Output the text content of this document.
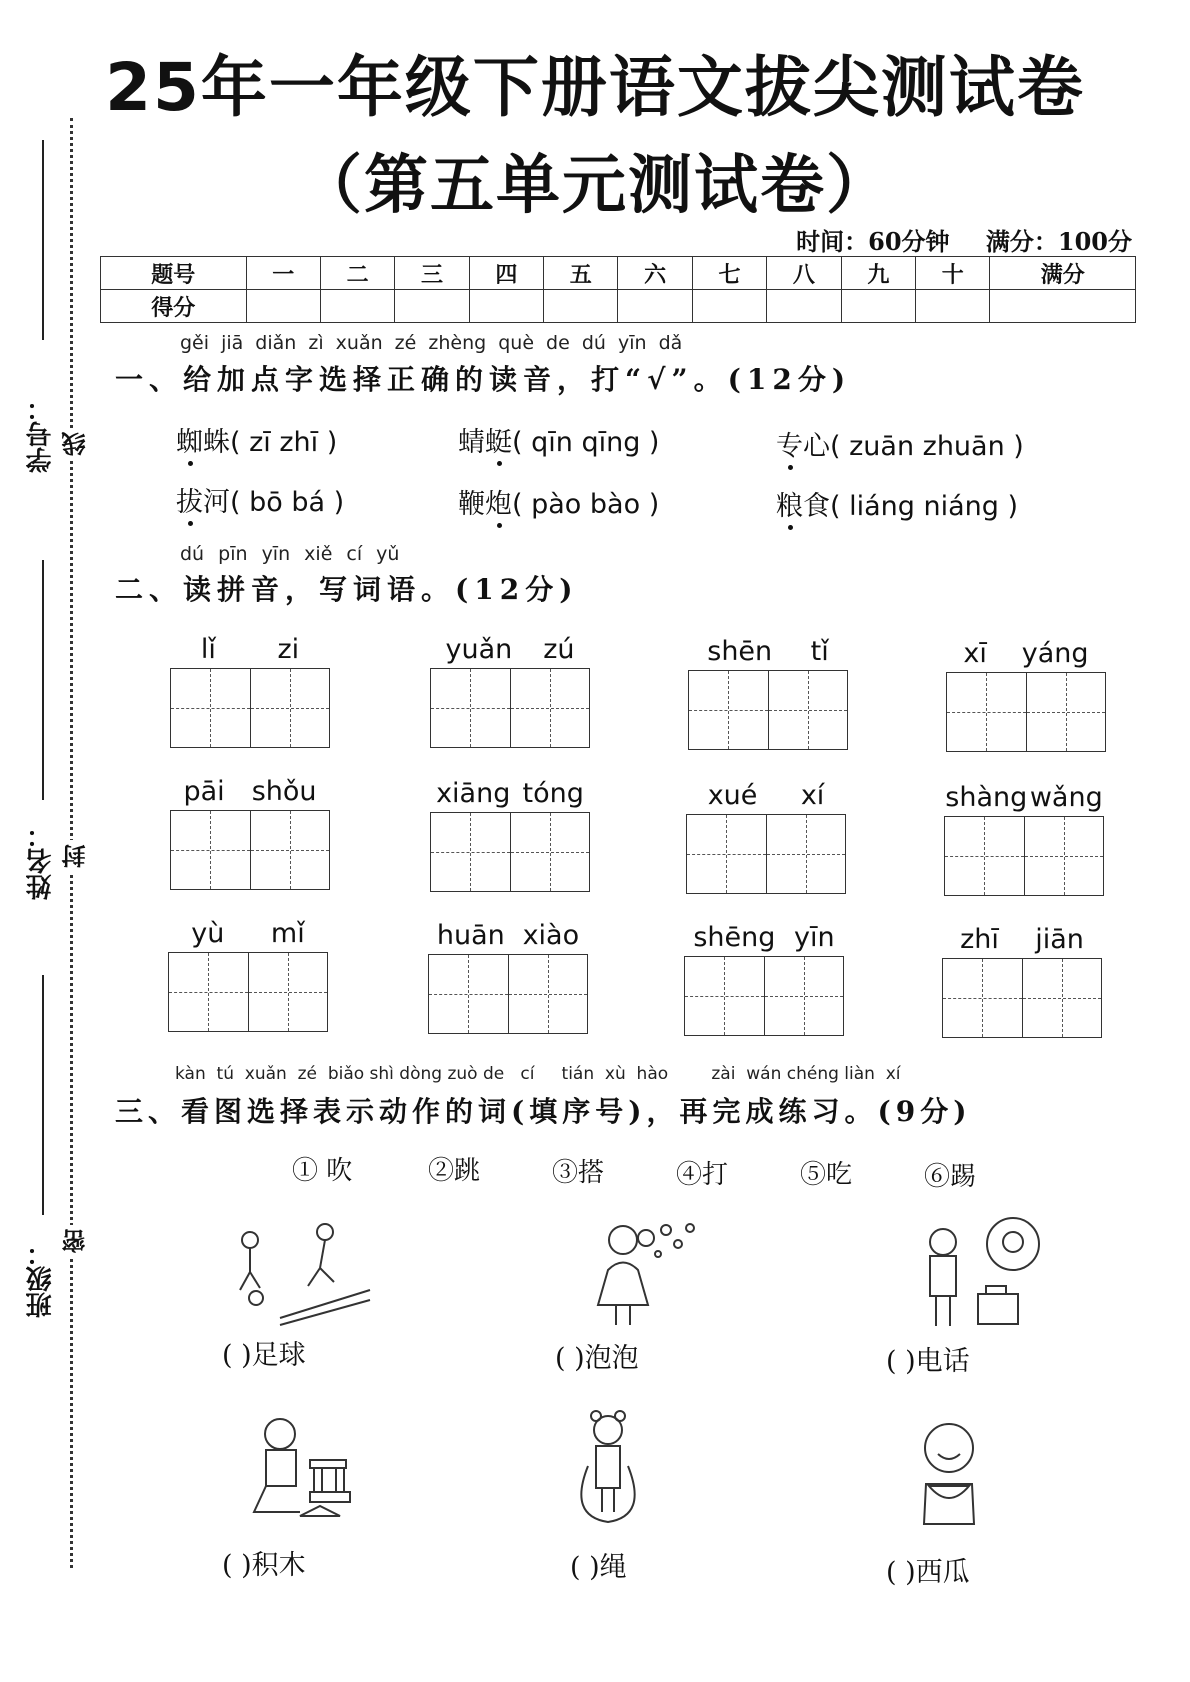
25年一年级下册语文拔尖测试卷
（第五单元测试卷）
时间：60分钟 满分：100分
学号：
姓名：
班级：
线
封
密
题号	一	二	三	四	五	六	七	八	九	十	满分
得分											
gěi jiā diǎn zì xuǎn zé zhèng què de dú yīn dǎ
一、给加点字选择正确的读音，打“√”。(12分)
蜘蛛( zī zhī )	蜻蜓( qīn qīng )	专心( zuān zhuān )
拔河( bō bá )	鞭炮( pào bào )	粮食( liáng niáng )
dú pīn yīn xiě cí yǔ
二、读拼音，写词语。(12分)
lǐ zi	yuǎn zú	shēn tǐ	xī yáng
pāi shǒu	xiāng tóng	xué xí	shàng wǎng
yù mǐ	huān xiào	shēng yīn	zhī jiān
kàn  tú  xuǎn  zé  biǎo shì dòng zuò de   cí     tián  xù  hào        zài  wán chéng liàn  xí
三、看图选择表示动作的词(填序号)，再完成练习。(9分)
① 吹	②跳	③搭	④打	⑤吃	⑥踢
( )足球	( )泡泡	( )电话
( )积木	( )绳	( )西瓜
